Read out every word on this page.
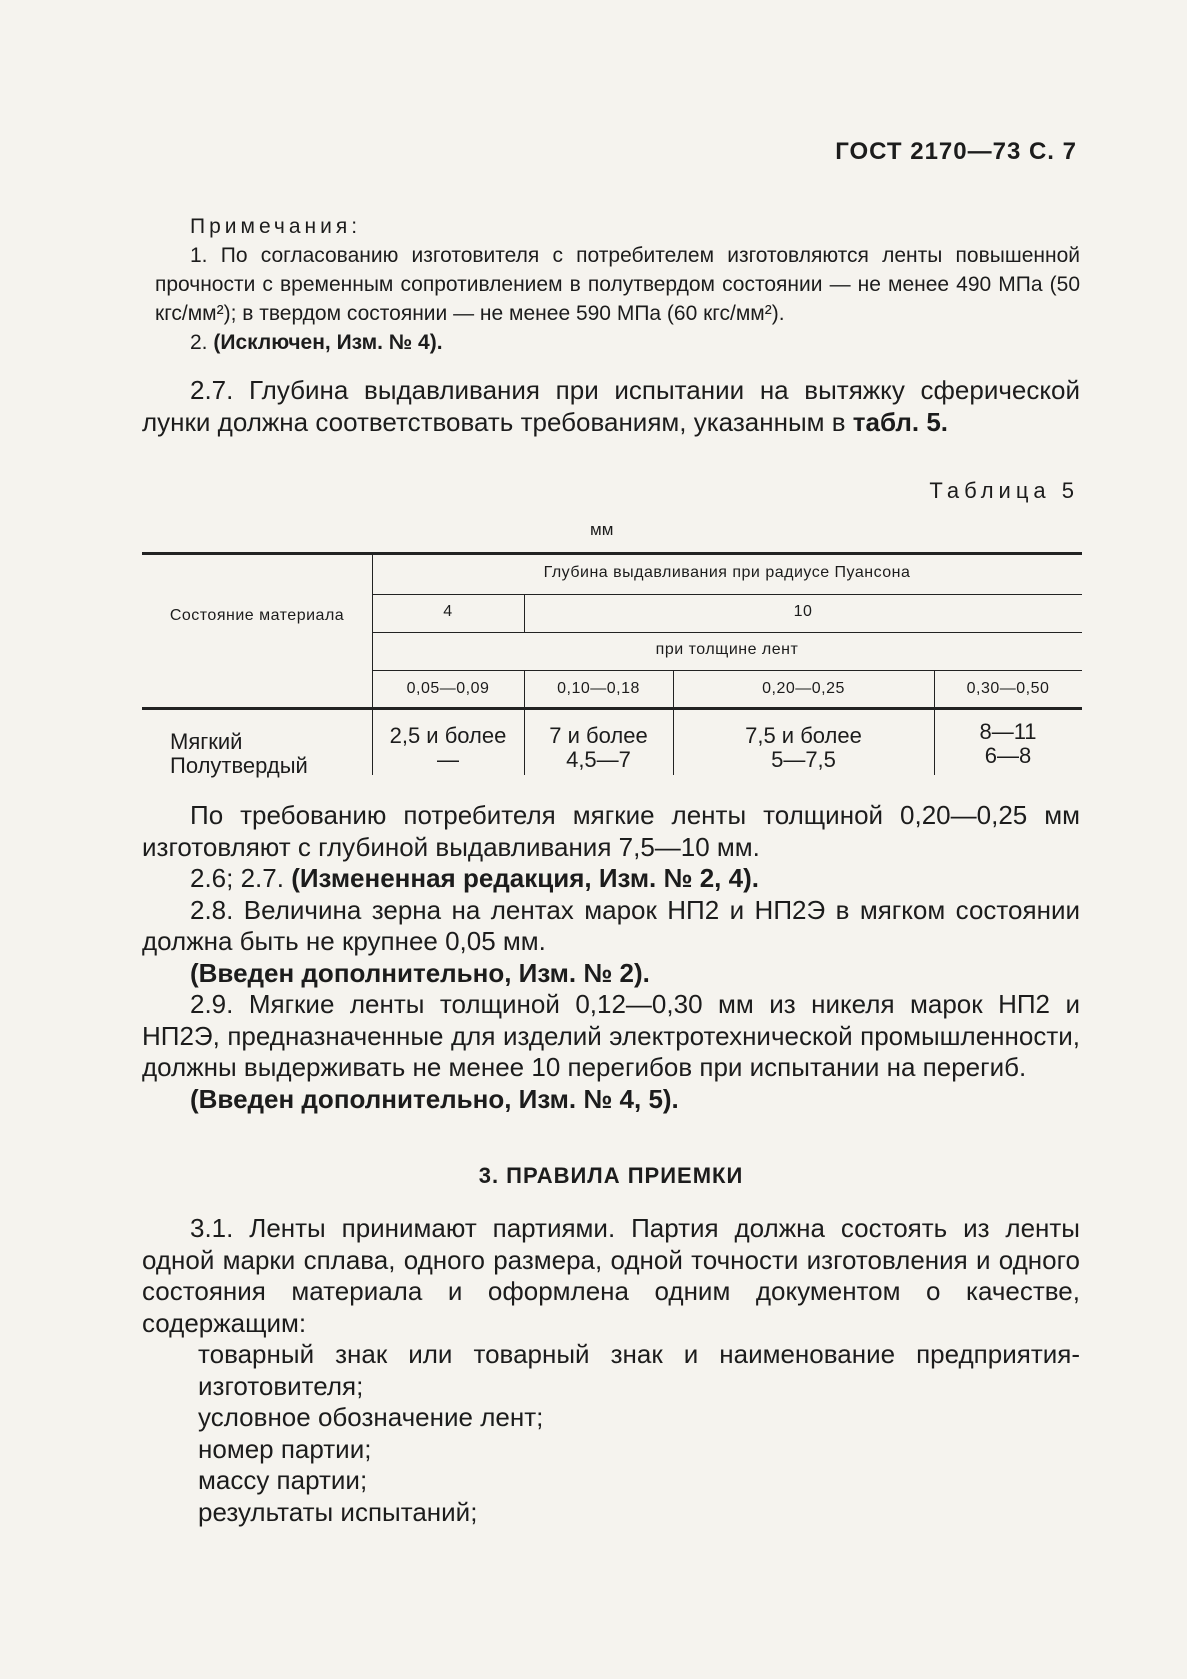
ГОСТ 2170—73 С. 7

Примечания:

1. По согласованию изготовителя с потребителем изготовляются ленты повышенной прочности с временным сопротивлением в полутвердом состоянии — не менее 490 МПа (50 кгс/мм²); в твердом состоянии — не менее 590 МПа (60 кгс/мм²).

2. (Исключен, Изм. № 4).

2.7. Глубина выдавливания при испытании на вытяжку сферической лунки должна соответствовать требованиям, указанным в табл. 5.

Таблица 5
мм
Состояние материала
Глубина выдавливания при радиусе Пуансона
4	10
при толщине лент
0,05—0,09	0,10—0,18	0,20—0,25	0,30—0,50
Мягкий
Полутвердый
2,5 и более	7 и более	7,5 и более	8—11
—	4,5—7	5—7,5	6—8

По требованию потребителя мягкие ленты толщиной 0,20—0,25 мм изготовляют с глубиной выдавливания 7,5—10 мм.

2.6; 2.7. (Измененная редакция, Изм. № 2, 4).

2.8. Величина зерна на лентах марок НП2 и НП2Э в мягком состоянии должна быть не крупнее 0,05 мм.

(Введен дополнительно, Изм. № 2).

2.9. Мягкие ленты толщиной 0,12—0,30 мм из никеля марок НП2 и НП2Э, предназначенные для изделий электротехнической промышленности, должны выдерживать не менее 10 перегибов при испытании на перегиб.

(Введен дополнительно, Изм. № 4, 5).

3. ПРАВИЛА ПРИЕМКИ

3.1. Ленты принимают партиями. Партия должна состоять из ленты одной марки сплава, одного размера, одной точности изготовления и одного состояния материала и оформлена одним документом о качестве, содержащим:

товарный знак или товарный знак и наименование предприятия-изготовителя;

условное обозначение лент;

номер партии;

массу партии;

результаты испытаний;
